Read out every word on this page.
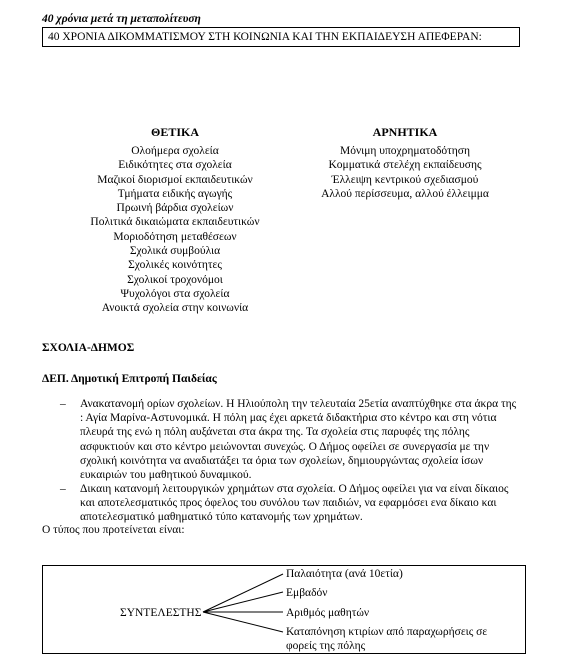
40 χρόνια μετά τη μεταπολίτευση
40 ΧΡΟΝΙΑ ΔΙΚΟΜΜΑΤΙΣΜΟΥ ΣΤΗ ΚΟΙΝΩΝΙΑ ΚΑΙ ΤΗΝ ΕΚΠΑΙΔΕΥΣΗ ΑΠΕΦΕΡΑΝ:
ΘΕΤΙΚΑ
Ολοήμερα σχολεία
Ειδικότητες στα σχολεία
Μαζικοί διορισμοί εκπαιδευτικών
Τμήματα ειδικής αγωγής
Πρωινή βάρδια σχολείων
Πολιτικά δικαιώματα εκπαιδευτικών
Μοριοδότηση μεταθέσεων
Σχολικά συμβούλια
Σχολικές κοινότητες
Σχολικοί τροχονόμοι
Ψυχολόγοι στα σχολεία
Ανοικτά σχολεία στην κοινωνία
ΑΡΝΗΤΙΚΑ
Μόνιμη υποχρηματοδότηση
Κομματικά στελέχη εκπαίδευσης
Έλλειψη κεντρικού σχεδιασμού
Αλλού περίσσευμα, αλλού έλλειμμα
ΣΧΟΛΙΑ-ΔΗΜΟΣ
ΔΕΠ. Δημοτική Επιτροπή Παιδείας
– Ανακατανομή ορίων σχολείων. Η Ηλιούπολη την τελευταία 25ετία αναπτύχθηκε στα άκρα της : Αγία Μαρίνα-Αστυνομικά. Η πόλη μας έχει αρκετά διδακτήρια στο κέντρο και στη νότια πλευρά της ενώ η πόλη αυξάνεται στα άκρα της. Τα σχολεία στις παρυφές της πόλης ασφυκτιούν και στο κέντρο μειώνονται συνεχώς. Ο Δήμος οφείλει σε συνεργασία με την σχολική κοινότητα να αναδιατάξει τα όρια των σχολείων, δημιουργώντας σχολεία ίσων ευκαιριών του μαθητικού δυναμικού.
– Δικαιη κατανομή λειτουργικών χρημάτων στα σχολεία. Ο Δήμος οφείλει για να είναι δίκαιος και αποτελεσματικός προς όφελος του συνόλου των παιδιών, να εφαρμόσει ενα δίκαιο και αποτελεσματικό μαθηματικό τύπο κατανομής των χρημάτων.
Ο τύπος που προτείνεται είναι:
ΣΥΝΤΕΛΕΣΤΗΣ
Παλαιότητα (ανά 10ετία)
Εμβαδόν
Αριθμός μαθητών
Καταπόνηση κτιρίων από παραχωρήσεις σε φορείς της πόλης
